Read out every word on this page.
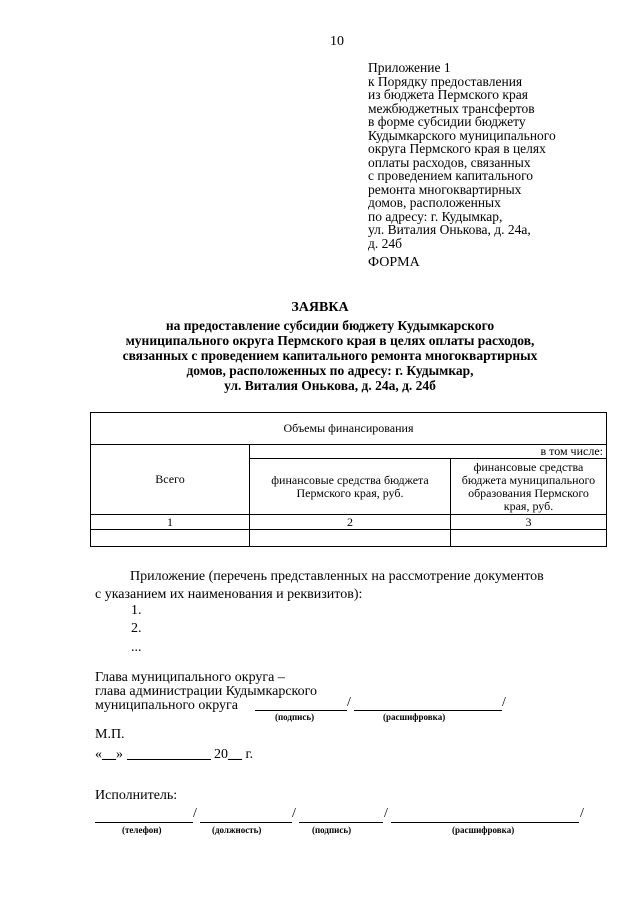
10
Приложение 1
к Порядку предоставления
из бюджета Пермского края
межбюджетных трансфертов
в форме субсидии бюджету
Кудымкарского муниципального
округа Пермского края в целях
оплаты расходов, связанных
с проведением капитального
ремонта многоквартирных
домов, расположенных
по адресу: г. Кудымкар,
ул. Виталия Онькова, д. 24а,
д. 24б
ФОРМА
ЗАЯВКА
на предоставление субсидии бюджету Кудымкарского
муниципального округа Пермского края в целях оплаты расходов,
связанных с проведением капитального ремонта многоквартирных
домов, расположенных по адресу: г. Кудымкар,
ул. Виталия Онькова, д. 24а, д. 24б
Объемы финансирования		
Всего	в том числе:	
	финансовые средства бюджета Пермского края, руб.	финансовые средства бюджета муниципального образования Пермского края, руб.
1	2	3

Приложение (перечень представленных на рассмотрение документов
с указанием их наименования и реквизитов):
1.
2.
...
Глава муниципального округа –
глава администрации Кудымкарского
муниципального округа	/	/
(подпись)	(расшифровка)
М.П.
«__»	20__ г.
Исполнитель:
/	/	/	/
(телефон)	(должность)	(подпись)	(расшифровка)
